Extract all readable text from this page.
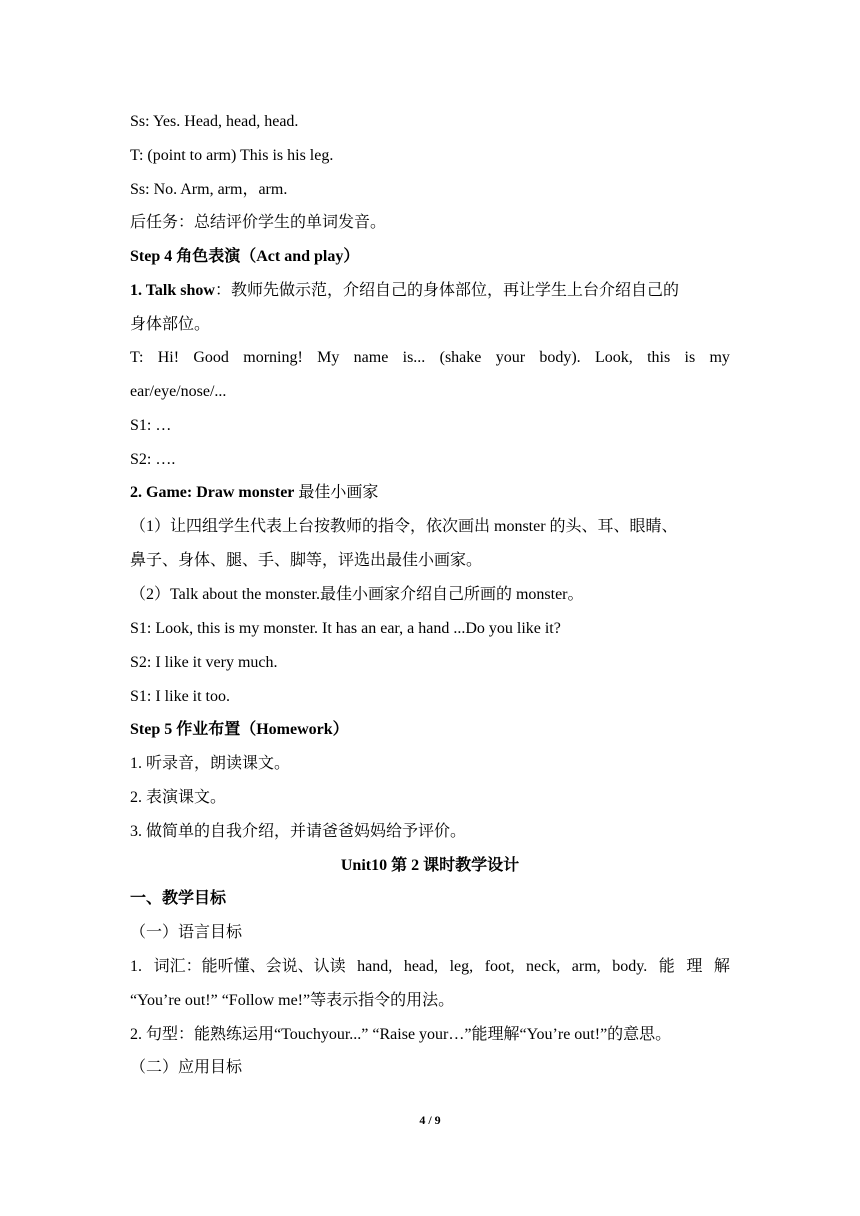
Ss: Yes. Head, head, head.
T: (point to arm) This is his leg.
Ss: No. Arm, arm，arm.
后任务：总结评价学生的单词发音。
Step 4 角色表演（Act and play）
1. Talk show：教师先做示范，介绍自己的身体部位，再让学生上台介绍自己的
身体部位。
T: Hi! Good morning! My name is... (shake your body). Look, this is my
ear/eye/nose/...
S1: …
S2: ….
2. Game: Draw monster 最佳小画家
（1）让四组学生代表上台按教师的指令，依次画出 monster 的头、耳、眼睛、
鼻子、身体、腿、手、脚等，评选出最佳小画家。
（2）Talk about the monster.最佳小画家介绍自己所画的 monster。
S1: Look, this is my monster. It has an ear, a hand ...Do you like it?
S2: I like it very much.
S1: I like it too.
Step 5 作业布置（Homework）
1. 听录音，朗读课文。
2. 表演课文。
3. 做简单的自我介绍，并请爸爸妈妈给予评价。
Unit10 第 2 课时教学设计
一、教学目标
（一）语言目标
1. 词汇：能听懂、会说、认读 hand, head, leg, foot, neck, arm, body. 能 理 解
“You’re out!” “Follow me!”等表示指令的用法。
2. 句型：能熟练运用“Touchyour...” “Raise your…”能理解“You’re out!”的意思。
（二）应用目标
4 / 9
